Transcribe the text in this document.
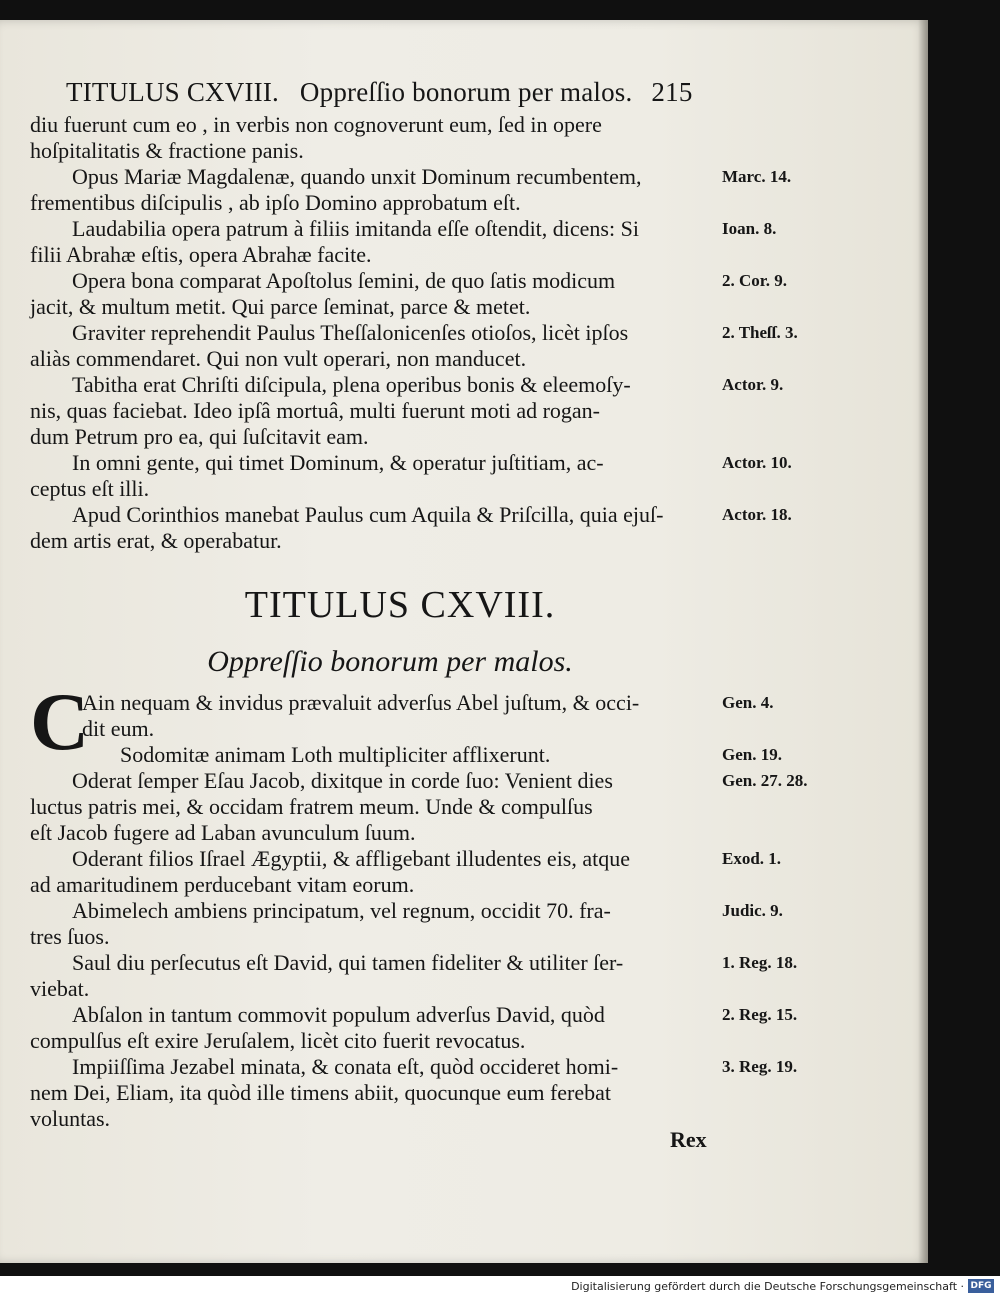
TITULUS CXVIII. Oppreſſio bonorum per malos. 215
diu fuerunt cum eo , in verbis non cognoverunt eum, ſed in opere
hoſpitalitatis & fractione panis.
Opus Mariæ Magdalenæ, quando unxit Dominum recumbentem,	Marc. 14.
frementibus diſcipulis , ab ipſo Domino approbatum eſt.
Laudabilia opera patrum à filiis imitanda eſſe oſtendit, dicens: Si	Ioan. 8.
filii Abrahæ eſtis, opera Abrahæ facite.
Opera bona comparat Apoſtolus ſemini, de quo ſatis modicum	2. Cor. 9.
jacit, & multum metit. Qui parce ſeminat, parce & metet.
Graviter reprehendit Paulus Theſſalonicenſes otioſos, licèt ipſos	2. Theſſ. 3.
aliàs commendaret. Qui non vult operari, non manducet.
Tabitha erat Chriſti diſcipula, plena operibus bonis & eleemoſy-	Actor. 9.
nis, quas faciebat. Ideo ipſâ mortuâ, multi fuerunt moti ad rogan-
dum Petrum pro ea, qui ſuſcitavit eam.
In omni gente, qui timet Dominum, & operatur juſtitiam, ac-	Actor. 10.
ceptus eſt illi.
Apud Corinthios manebat Paulus cum Aquila & Priſcilla, quia ejuſ-	Actor. 18.
dem artis erat, & operabatur.
TITULUS CXVIII.
Oppreſſio bonorum per malos.
C
Ain nequam & invidus prævaluit adverſus Abel juſtum, & occi-	Gen. 4.
dit eum.
Sodomitæ animam Loth multipliciter afflixerunt.	Gen. 19.
Oderat ſemper Eſau Jacob, dixitque in corde ſuo: Venient dies	Gen. 27. 28.
luctus patris mei, & occidam fratrem meum. Unde & compulſus
eſt Jacob fugere ad Laban avunculum ſuum.
Oderant filios Iſrael Ægyptii, & affligebant illudentes eis, atque	Exod. 1.
ad amaritudinem perducebant vitam eorum.
Abimelech ambiens principatum, vel regnum, occidit 70. fra-	Judic. 9.
tres ſuos.
Saul diu perſecutus eſt David, qui tamen fideliter & utiliter ſer-	1. Reg. 18.
viebat.
Abſalon in tantum commovit populum adverſus David, quòd	2. Reg. 15.
compulſus eſt exire Jeruſalem, licèt cito fuerit revocatus.
Impiiſſima Jezabel minata, & conata eſt, quòd occideret homi-	3. Reg. 19.
nem Dei, Eliam, ita quòd ille timens abiit, quocunque eum ferebat
voluntas.
Rex
Digitalisierung gefördert durch die Deutsche Forschungsgemeinschaft · DFG
